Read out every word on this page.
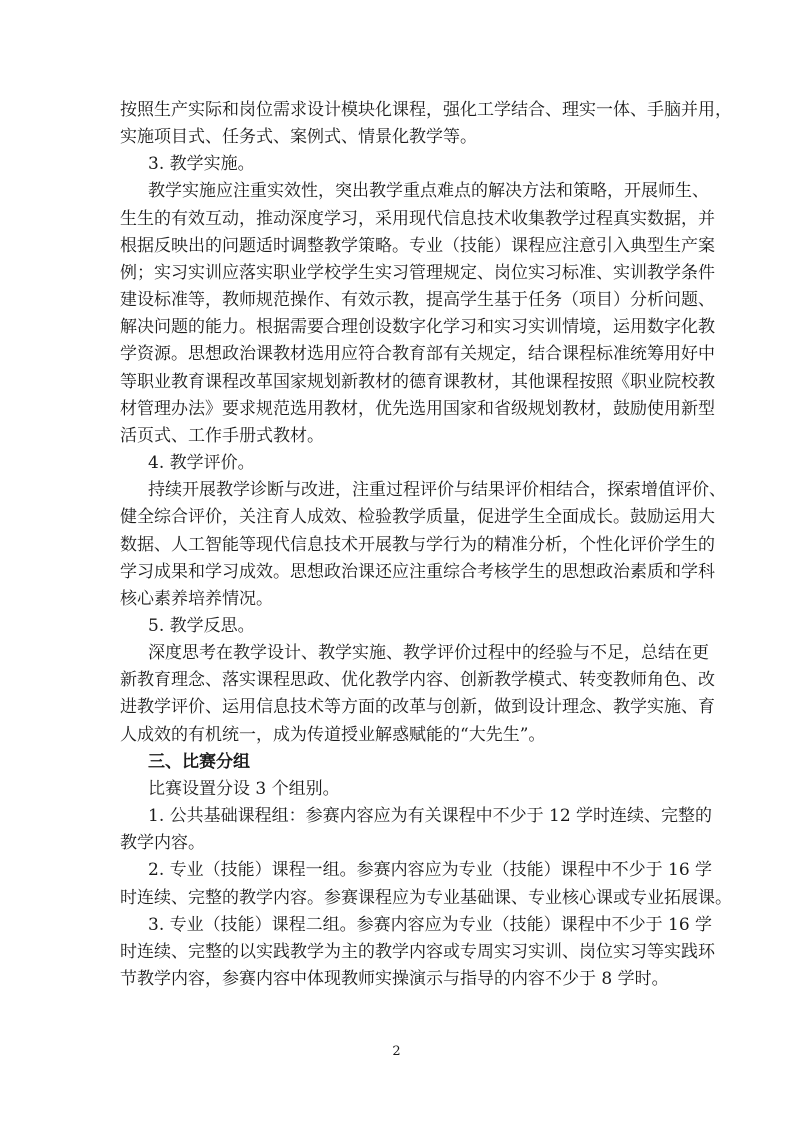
按照生产实际和岗位需求设计模块化课程，强化工学结合、理实一体、手脑并用，
实施项目式、任务式、案例式、情景化教学等。
3. 教学实施。
教学实施应注重实效性，突出教学重点难点的解决方法和策略，开展师生、
生生的有效互动，推动深度学习，采用现代信息技术收集教学过程真实数据，并
根据反映出的问题适时调整教学策略。专业（技能）课程应注意引入典型生产案
例；实习实训应落实职业学校学生实习管理规定、岗位实习标准、实训教学条件
建设标准等，教师规范操作、有效示教，提高学生基于任务（项目）分析问题、
解决问题的能力。根据需要合理创设数字化学习和实习实训情境，运用数字化教
学资源。思想政治课教材选用应符合教育部有关规定，结合课程标准统筹用好中
等职业教育课程改革国家规划新教材的德育课教材，其他课程按照《职业院校教
材管理办法》要求规范选用教材，优先选用国家和省级规划教材，鼓励使用新型
活页式、工作手册式教材。
4. 教学评价。
持续开展教学诊断与改进，注重过程评价与结果评价相结合，探索增值评价、
健全综合评价，关注育人成效、检验教学质量，促进学生全面成长。鼓励运用大
数据、人工智能等现代信息技术开展教与学行为的精准分析，个性化评价学生的
学习成果和学习成效。思想政治课还应注重综合考核学生的思想政治素质和学科
核心素养培养情况。
5. 教学反思。
深度思考在教学设计、教学实施、教学评价过程中的经验与不足，总结在更
新教育理念、落实课程思政、优化教学内容、创新教学模式、转变教师角色、改
进教学评价、运用信息技术等方面的改革与创新，做到设计理念、教学实施、育
人成效的有机统一，成为传道授业解惑赋能的“大先生”。
三、比赛分组
比赛设置分设 3 个组别。
1. 公共基础课程组：参赛内容应为有关课程中不少于 12 学时连续、完整的
教学内容。
2. 专业（技能）课程一组。参赛内容应为专业（技能）课程中不少于 16 学
时连续、完整的教学内容。参赛课程应为专业基础课、专业核心课或专业拓展课。
3. 专业（技能）课程二组。参赛内容应为专业（技能）课程中不少于 16 学
时连续、完整的以实践教学为主的教学内容或专周实习实训、岗位实习等实践环
节教学内容，参赛内容中体现教师实操演示与指导的内容不少于 8 学时。
2
